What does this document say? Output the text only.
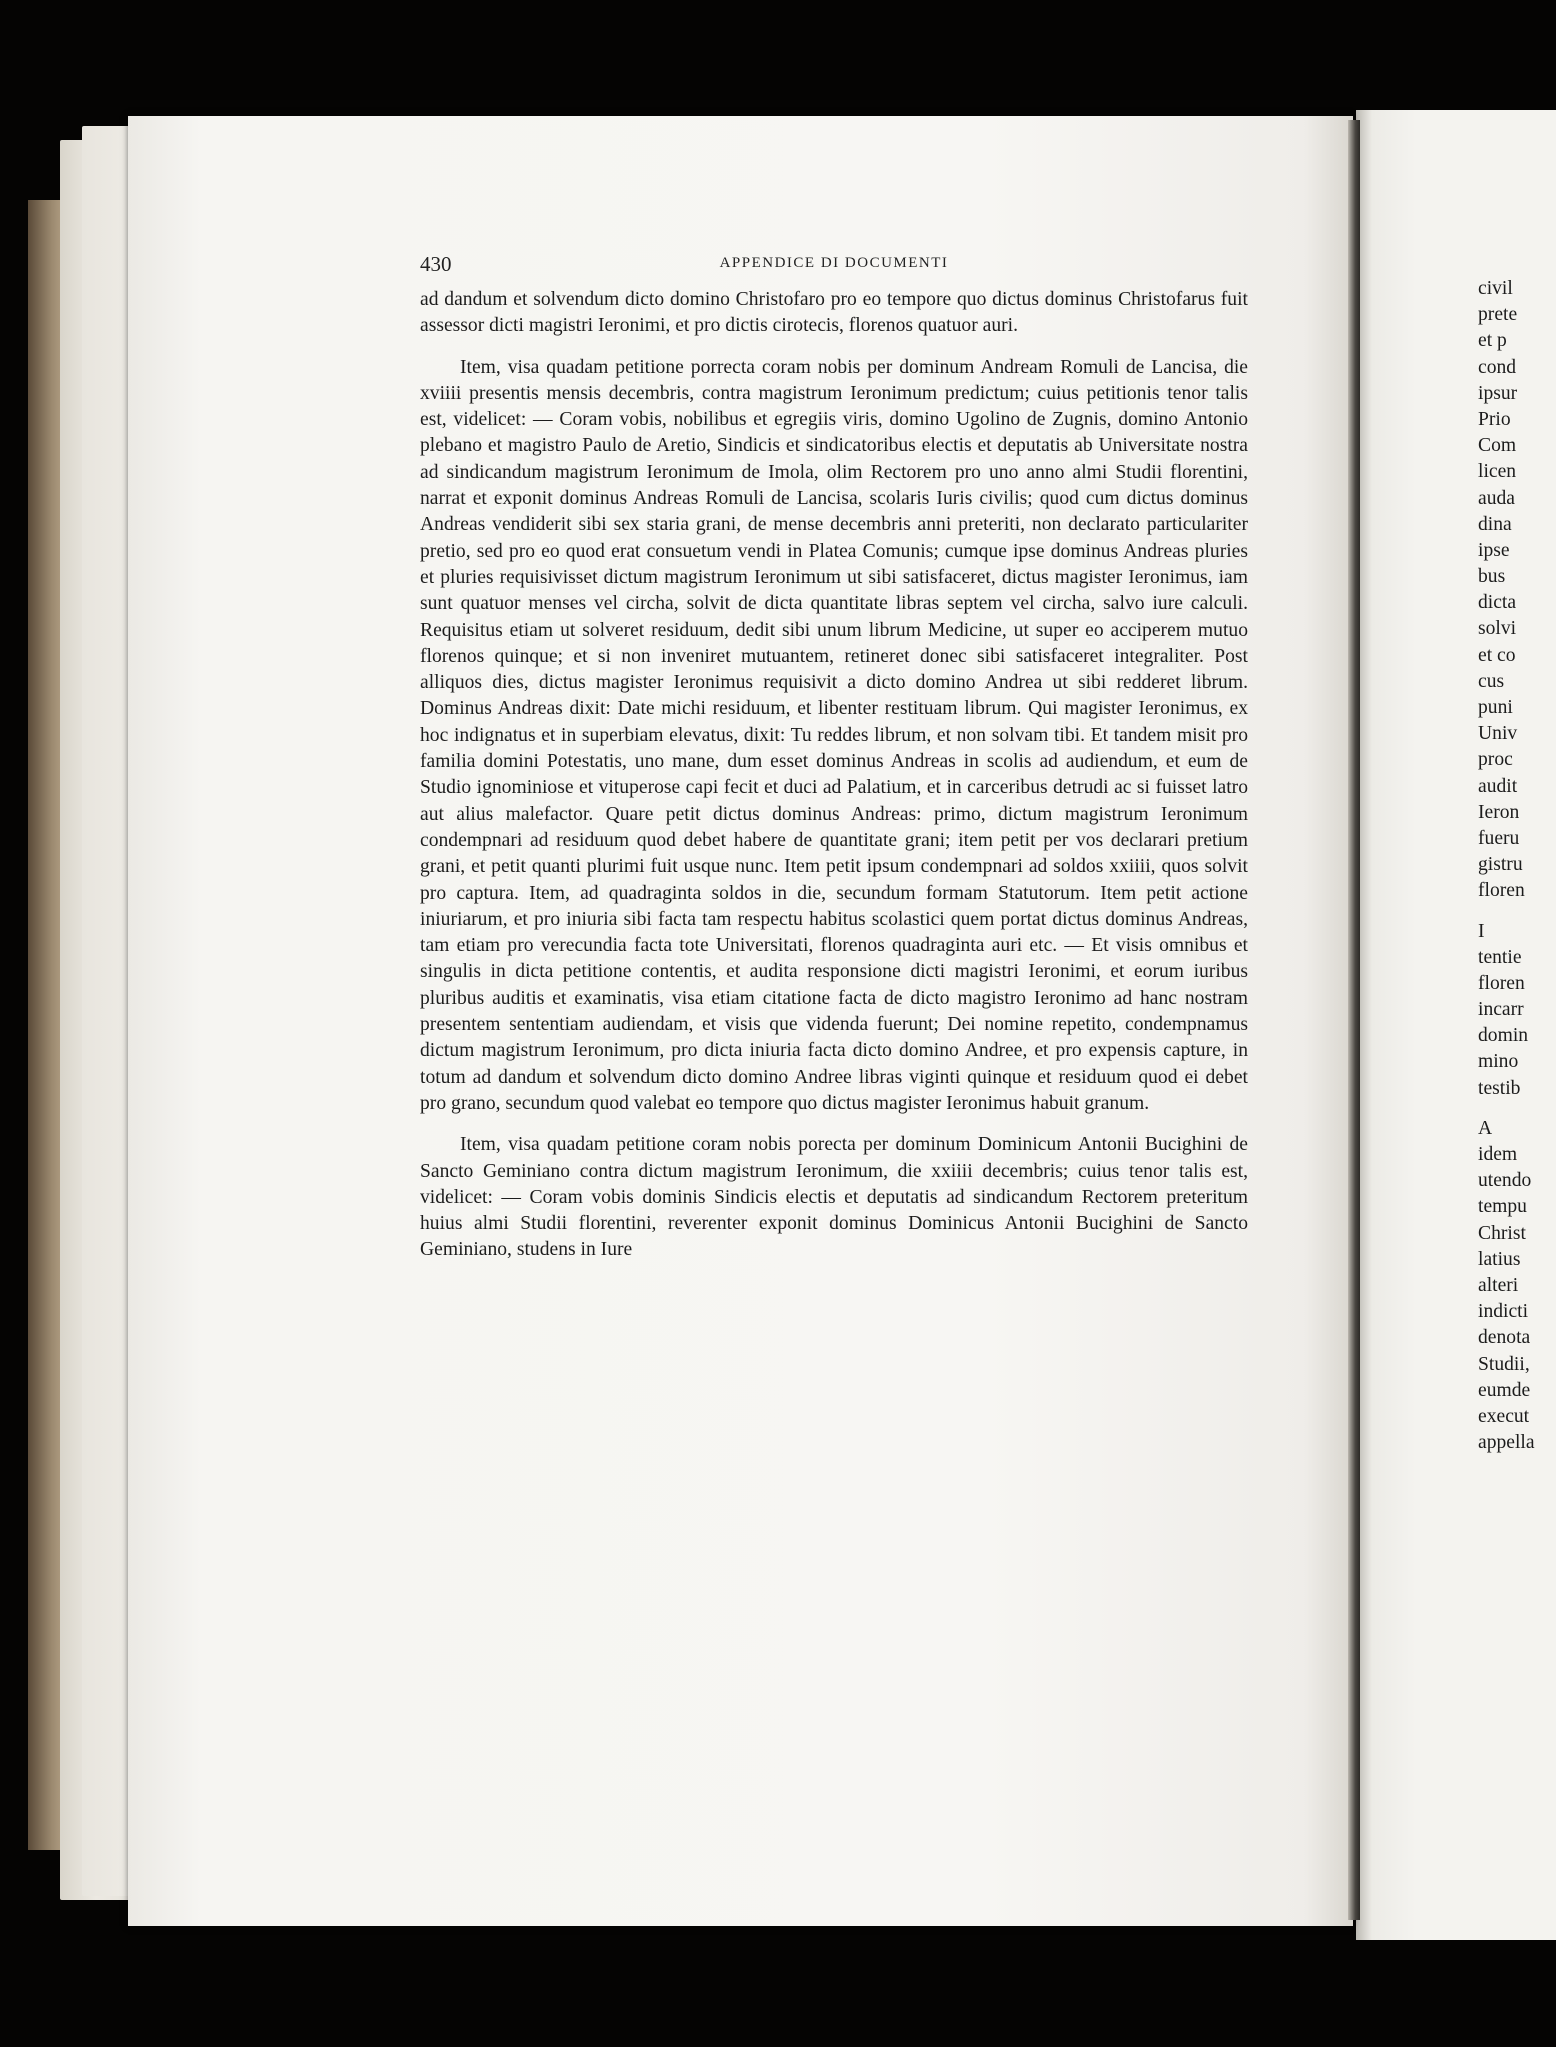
430	APPENDICE DI DOCUMENTI

ad dandum et solvendum dicto domino Christofaro pro eo tempore quo dictus dominus Christofarus fuit assessor dicti magistri Ieronimi, et pro dictis cirotecis, florenos quatuor auri.

Item, visa quadam petitione porrecta coram nobis per dominum Andream Romuli de Lancisa, die xviiii presentis mensis decembris, contra magistrum Ieronimum predictum; cuius petitionis tenor talis est, videlicet: — Coram vobis, nobilibus et egregiis viris, domino Ugolino de Zugnis, domino Antonio plebano et magistro Paulo de Aretio, Sindicis et sindicatoribus electis et deputatis ab Universitate nostra ad sindicandum magistrum Ieronimum de Imola, olim Rectorem pro uno anno almi Studii florentini, narrat et exponit dominus Andreas Romuli de Lancisa, scolaris Iuris civilis; quod cum dictus dominus Andreas vendiderit sibi sex staria grani, de mense decembris anni preteriti, non declarato particulariter pretio, sed pro eo quod erat consuetum vendi in Platea Comunis; cumque ipse dominus Andreas pluries et pluries requisivisset dictum magistrum Ieronimum ut sibi satisfaceret, dictus magister Ieronimus, iam sunt quatuor menses vel circha, solvit de dicta quantitate libras septem vel circha, salvo iure calculi. Requisitus etiam ut solveret residuum, dedit sibi unum librum Medicine, ut super eo acciperem mutuo florenos quinque; et si non inveniret mutuantem, retineret donec sibi satisfaceret integraliter. Post alliquos dies, dictus magister Ieronimus requisivit a dicto domino Andrea ut sibi redderet librum. Dominus Andreas dixit: Date michi residuum, et libenter restituam librum. Qui magister Ieronimus, ex hoc indignatus et in superbiam elevatus, dixit: Tu reddes librum, et non solvam tibi. Et tandem misit pro familia domini Potestatis, uno mane, dum esset dominus Andreas in scolis ad audiendum, et eum de Studio ignominiose et vituperose capi fecit et duci ad Palatium, et in carceribus detrudi ac si fuisset latro aut alius malefactor. Quare petit dictus dominus Andreas: primo, dictum magistrum Ieronimum condempnari ad residuum quod debet habere de quantitate grani; item petit per vos declarari pretium grani, et petit quanti plurimi fuit usque nunc. Item petit ipsum condempnari ad soldos xxiiii, quos solvit pro captura. Item, ad quadraginta soldos in die, secundum formam Statutorum. Item petit actione iniuriarum, et pro iniuria sibi facta tam respectu habitus scolastici quem portat dictus dominus Andreas, tam etiam pro verecundia facta tote Universitati, florenos quadraginta auri etc. — Et visis omnibus et singulis in dicta petitione contentis, et audita responsione dicti magistri Ieronimi, et eorum iuribus pluribus auditis et examinatis, visa etiam citatione facta de dicto magistro Ieronimo ad hanc nostram presentem sententiam audiendam, et visis que videnda fuerunt; Dei nomine repetito, condempnamus dictum magistrum Ieronimum, pro dicta iniuria facta dicto domino Andree, et pro expensis capture, in totum ad dandum et solvendum dicto domino Andree libras viginti quinque et residuum quod ei debet pro grano, secundum quod valebat eo tempore quo dictus magister Ieronimus habuit granum.

Item, visa quadam petitione coram nobis porecta per dominum Dominicum Antonii Bucighini de Sancto Geminiano contra dictum magistrum Ieronimum, die xxiiii decembris; cuius tenor talis est, videlicet: — Coram vobis dominis Sindicis electis et deputatis ad sindicandum Rectorem preteritum huius almi Studii florentini, reverenter exponit dominus Dominicus Antonii Bucighini de Sancto Geminiano, studens in Iure

civil
prete
et p
cond
ipsur
Prio
Com
licen
auda
dina
ipse
bus
dicta
solvi
et co
cus
puni
Univ
proc
audit
Ieron
fueru
gistru
floren
I
tentie
floren
incarr
domin
mino
testib
A
idem
utendo
tempu
Christ
latius
alteri
indicti
denota
Studii,
eumde
execut
appella
